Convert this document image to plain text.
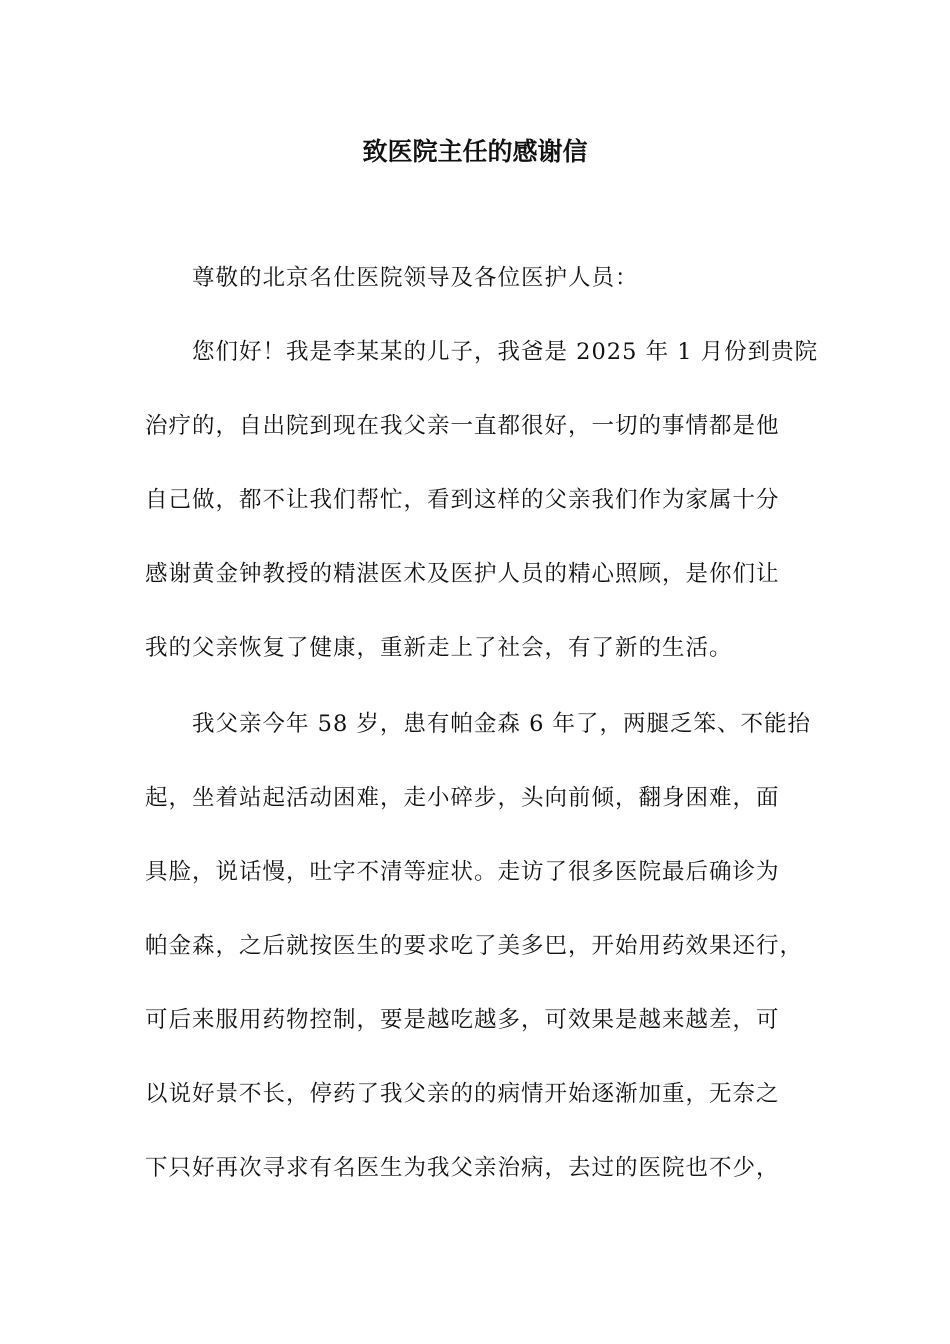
致医院主任的感谢信
尊敬的北京名仕医院领导及各位医护人员：
您们好！我是李某某的儿子，我爸是 2025 年 1 月份到贵院
治疗的，自出院到现在我父亲一直都很好，一切的事情都是他
自己做，都不让我们帮忙，看到这样的父亲我们作为家属十分
感谢黄金钟教授的精湛医术及医护人员的精心照顾，是你们让
我的父亲恢复了健康，重新走上了社会，有了新的生活。
我父亲今年 58 岁，患有帕金森 6 年了，两腿乏笨、不能抬
起，坐着站起活动困难，走小碎步，头向前倾，翻身困难，面
具脸，说话慢，吐字不清等症状。走访了很多医院最后确诊为
帕金森，之后就按医生的要求吃了美多巴，开始用药效果还行，
可后来服用药物控制，要是越吃越多，可效果是越来越差，可
以说好景不长，停药了我父亲的的病情开始逐渐加重，无奈之
下只好再次寻求有名医生为我父亲治病，去过的医院也不少，
